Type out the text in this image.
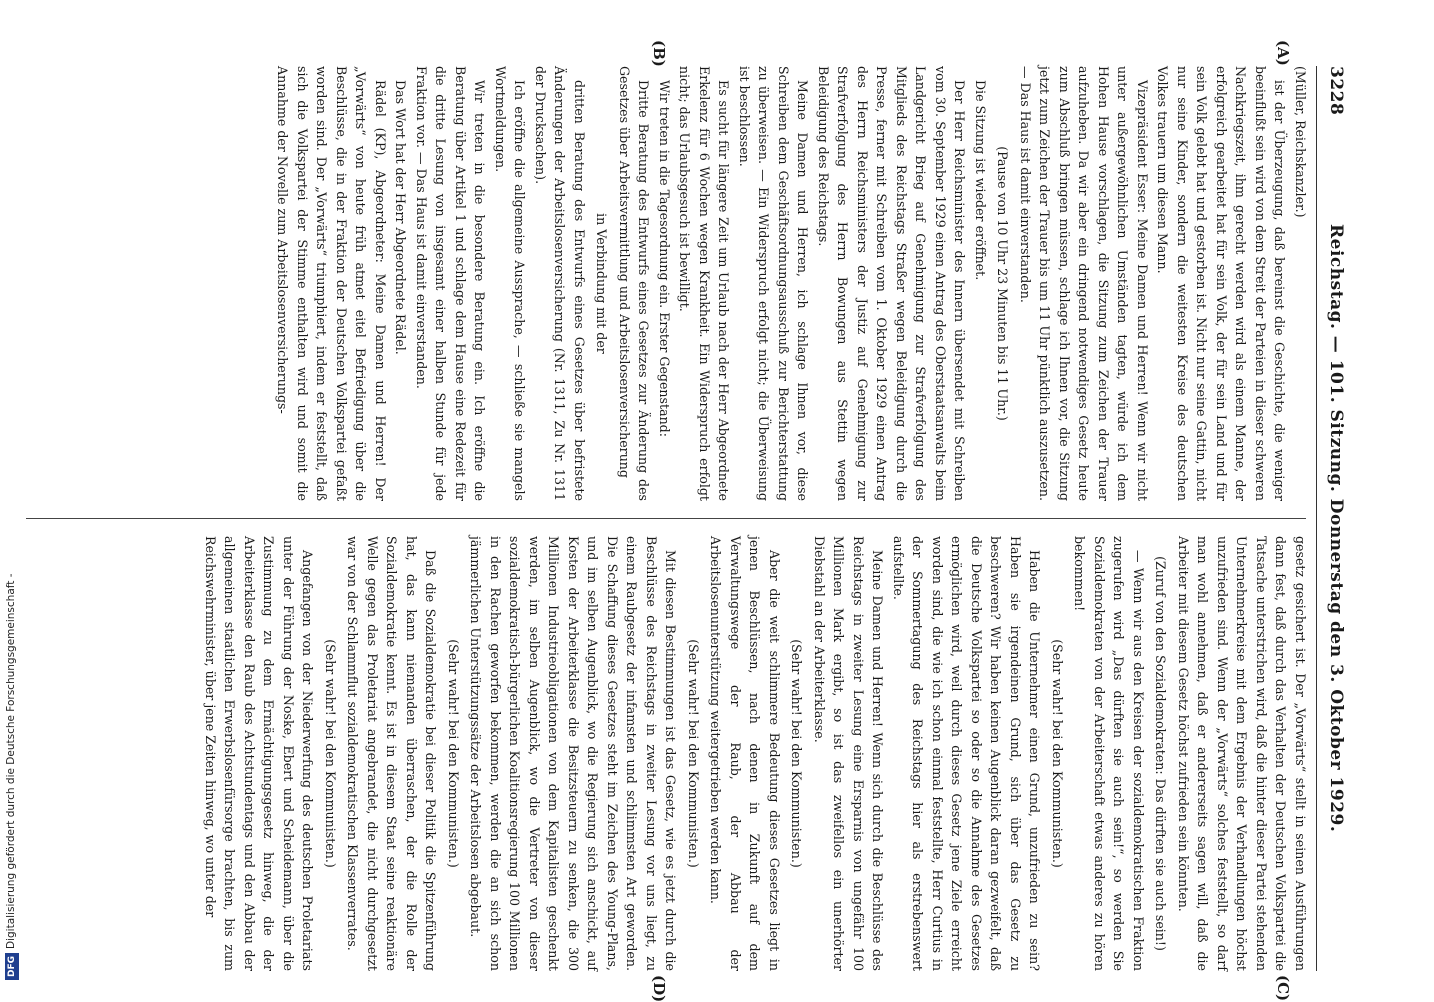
3228
Reichstag. — 101. Sitzung. Donnerstag den 3. Oktober 1929.
(A)
(B)
(C)
(D)

(Müller, Reichskanzler.)

ist der Überzeugung, daß bereinst die Geschichte, die weniger beeinflußt sein wird von dem Streit der Parteien in dieser schweren Nachkriegszeit, ihm gerecht werden wird als einem Manne, der erfolgreich gearbeitet hat für sein Volk, der für sein Land und für sein Volk gelebt hat und gestorben ist. Nicht nur seine Gattin, nicht nur seine Kinder, sondern die weitesten Kreise des deutschen Volkes trauern um diesen Mann.

Vizepräsident Esser: Meine Damen und Herren! Wenn wir nicht unter außergewöhnlichen Umständen tagten, würde ich dem Hohen Hause vorschlagen, die Sitzung zum Zeichen der Trauer aufzuheben. Da wir aber ein dringend notwendiges Gesetz heute zum Abschluß bringen müssen, schlage ich Ihnen vor, die Sitzung jetzt zum Zeichen der Trauer bis um 11 Uhr pünktlich auszusetzen. — Das Haus ist damit einverstanden.

(Pause von 10 Uhr 23 Minuten bis 11 Uhr.)

Die Sitzung ist wieder eröffnet.

Der Herr Reichsminister des Innern übersendet mit Schreiben vom 30. September 1929 einen Antrag des Oberstaatsanwalts beim Landgericht Brieg auf Genehmigung zur Strafverfolgung des Mitglieds des Reichstags Straßer wegen Beleidigung durch die Presse, ferner mit Schreiben vom 1. Oktober 1929 einen Antrag des Herrn Reichsministers der Justiz auf Genehmigung zur Strafverfolgung des Herrn Bowungen aus Stettin wegen Beleidigung des Reichstags.

Meine Damen und Herren, ich schlage Ihnen vor, diese Schreiben dem Geschäftsordnungsausschuß zur Berichterstattung zu überweisen. — Ein Widerspruch erfolgt nicht; die Überweisung ist beschlossen.

Es sucht für längere Zeit um Urlaub nach der Herr Abgeordnete Erkelenz für 6 Wochen wegen Krankheit. Ein Widerspruch erfolgt nicht; das Urlaubsgesuch ist bewilligt.

Wir treten in die Tagesordnung ein. Erster Gegenstand:

Dritte Beratung des Entwurfs eines Gesetzes zur Änderung des Gesetzes über Arbeitsvermittlung und Arbeitslosenversicherung

in Verbindung mit der

dritten Beratung des Entwurfs eines Gesetzes über befristete Änderungen der Arbeitslosenversicherung (Nr. 1311, Zu Nr. 1311 der Drucksachen).

Ich eröffne die allgemeine Aussprache, — schließe sie mangels Wortmeldungen.

Wir treten in die besondere Beratung ein. Ich eröffne die Beratung über Artikel 1 und schlage dem Hause eine Redezeit für die dritte Lesung von insgesamt einer halben Stunde für jede Fraktion vor. — Das Haus ist damit einverstanden.

Das Wort hat der Herr Abgeordnete Rädel.

Rädel (KP), Abgeordneter: Meine Damen und Herren! Der „Vorwärts“ von heute früh atmet eitel Befriedigung über die Beschlüsse, die in der Fraktion der Deutschen Volkspartei gefaßt worden sind. Der „Vorwärts“ triumphiert, indem er feststellt, daß sich die Volkspartei der Stimme enthalten wird und somit die Annahme der Novelle zum Arbeitslosenversicherungs-

gesetz gesichert ist. Der „Vorwärts“ stellt in seinen Ausführungen dann fest, daß durch das Verhalten der Deutschen Volkspartei die Tatsache unterstrichen wird, daß die hinter dieser Partei stehenden Unternehmerkreise mit dem Ergebnis der Verhandlungen höchst unzufrieden sind. Wenn der „Vorwärts“ solches feststellt, so darf man wohl annehmen, daß er andererseits sagen will, daß die Arbeiter mit diesem Gesetz höchst zufrieden sein könnten.

(Zuruf von den Sozialdemokraten: Das dürften sie auch sein!)

— Wenn wir aus den Kreisen der sozialdemokratischen Fraktion zugerufen wird „Das dürften sie auch sein!“, so werden Sie Sozialdemokraten von der Arbeiterschaft etwas anderes zu hören bekommen!

(Sehr wahr! bei den Kommunisten.)

Haben die Unternehmer einen Grund, unzufrieden zu sein? Haben sie irgendeinen Grund, sich über das Gesetz zu beschweren? Wir haben keinen Augenblick daran gezweifelt, daß die Deutsche Volkspartei so oder so die Annahme des Gesetzes ermöglichen wird, weil durch dieses Gesetz jene Ziele erreicht worden sind, die wie ich schon einmal feststellte, Herr Curtius in der Sommertagung des Reichstags hier als erstrebenswert aufstellte.

Meine Damen und Herren! Wenn sich durch die Beschlüsse des Reichstags in zweiter Lesung eine Ersparnis von ungefähr 100 Millionen Mark ergibt, so ist das zweifellos ein unerhörter Diebstahl an der Arbeiterklasse.

(Sehr wahr! bei den Kommunisten.)

Aber die weit schlimmere Bedeutung dieses Gesetzes liegt in jenen Beschlüssen, nach denen in Zukunft auf dem Verwaltungswege der Raub, der Abbau der Arbeitslosenunterstützung weitergetrieben werden kann.

(Sehr wahr! bei den Kommunisten.)

Mit diesen Bestimmungen ist das Gesetz, wie es jetzt durch die Beschlüsse des Reichstags in zweiter Lesung vor uns liegt, zu einem Raubgesetz der infamsten und schlimmsten Art geworden. Die Schaffung dieses Gesetzes steht im Zeichen des Young-Plans, und im selben Augenblick, wo die Regierung sich anschickt, auf Kosten der Arbeiterklasse die Besitzsteuern zu senken, die 300 Millionen Industrieobligationen von dem Kapitalisten geschenkt werden, im selben Augenblick, wo die Vertreter von dieser sozialdemokratisch-bürgerlichen Koalitionsregierung 100 Millionen in den Rachen geworfen bekommen, werden die an sich schon jämmerlichen Unterstützungssätze der Arbeitslosen abgebaut.

(Sehr wahr! bei den Kommunisten.)

Daß die Sozialdemokratie bei dieser Politik die Spitzenführung hat, das kann niemanden überraschen, der die Rolle der Sozialdemokratie kennt. Es ist in diesem Staat seine reaktionäre Welle gegen das Proletariat angebrandet, die nicht durchgesetzt war von der Schlammflut sozialdemokratischen Klassenverrates.

(Sehr wahr! bei den Kommunisten.)

Angefangen von der Niederwerfung des deutschen Proletariats unter der Führung der Noske, Ebert und Scheidemann, über die Zustimmung zu dem Ermächtigungsgesetz hinweg, die der Arbeiterklasse den Raub des Achtstundentags und den Abbau der allgemeinen staatlichen Erwerbslosenfürsorge brachten, bis zum Reichswehrminister, über jene Zeiten hinweg, wo unter der

DFGDigitalisierung gefördert durch die Deutsche Forschungsgemeinschaft -
